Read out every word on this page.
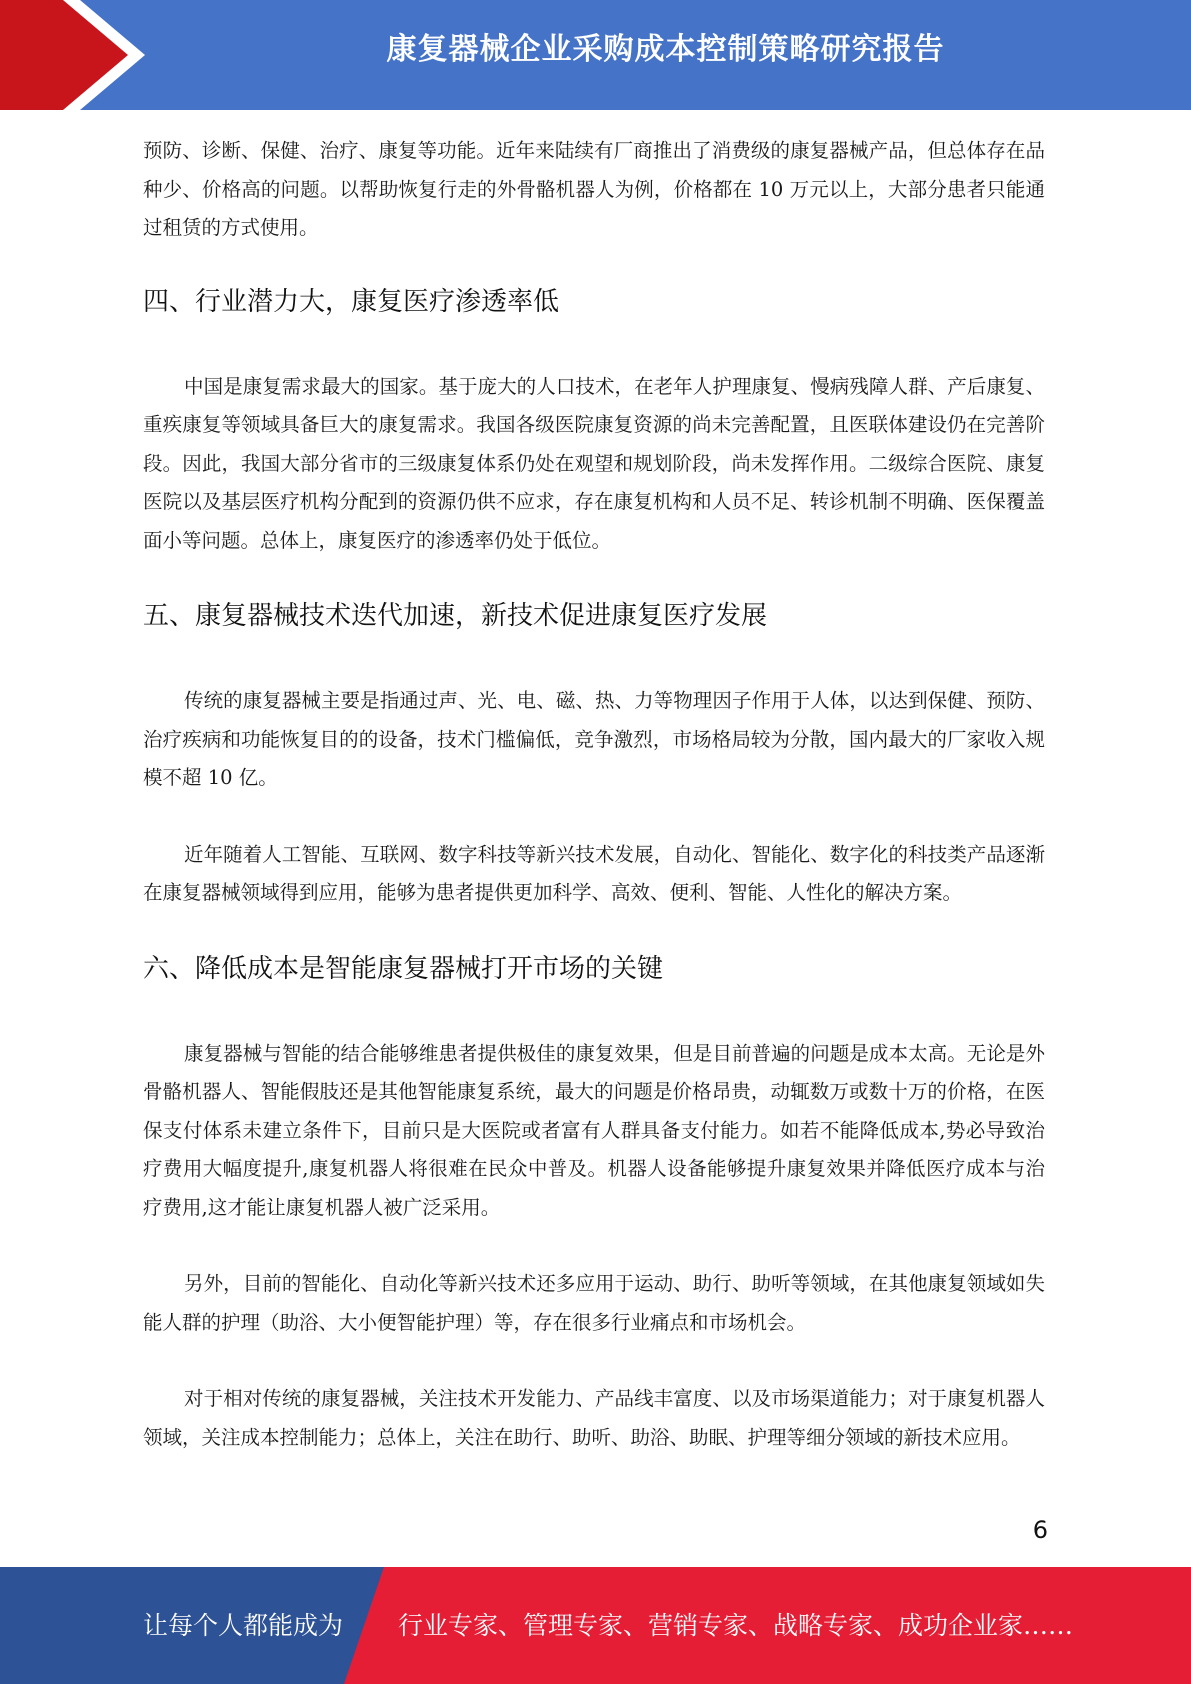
康复器械企业采购成本控制策略研究报告

预防、诊断、保健、治疗、康复等功能。近年来陆续有厂商推出了消费级的康复器械产品，但总体存在品种少、价格高的问题。以帮助恢复行走的外骨骼机器人为例，价格都在 10 万元以上，大部分患者只能通过租赁的方式使用。

四、行业潜力大，康复医疗渗透率低

中国是康复需求最大的国家。基于庞大的人口技术，在老年人护理康复、慢病残障人群、产后康复、重疾康复等领域具备巨大的康复需求。我国各级医院康复资源的尚未完善配置，且医联体建设仍在完善阶段。因此，我国大部分省市的三级康复体系仍处在观望和规划阶段，尚未发挥作用。二级综合医院、康复医院以及基层医疗机构分配到的资源仍供不应求，存在康复机构和人员不足、转诊机制不明确、医保覆盖面小等问题。总体上，康复医疗的渗透率仍处于低位。

五、康复器械技术迭代加速，新技术促进康复医疗发展

传统的康复器械主要是指通过声、光、电、磁、热、力等物理因子作用于人体，以达到保健、预防、治疗疾病和功能恢复目的的设备，技术门槛偏低，竞争激烈，市场格局较为分散，国内最大的厂家收入规模不超 10 亿。

近年随着人工智能、互联网、数字科技等新兴技术发展，自动化、智能化、数字化的科技类产品逐渐在康复器械领域得到应用，能够为患者提供更加科学、高效、便利、智能、人性化的解决方案。

六、降低成本是智能康复器械打开市场的关键

康复器械与智能的结合能够维患者提供极佳的康复效果，但是目前普遍的问题是成本太高。无论是外骨骼机器人、智能假肢还是其他智能康复系统，最大的问题是价格昂贵，动辄数万或数十万的价格，在医保支付体系未建立条件下，目前只是大医院或者富有人群具备支付能力。如若不能降低成本,势必导致治疗费用大幅度提升,康复机器人将很难在民众中普及。机器人设备能够提升康复效果并降低医疗成本与治疗费用,这才能让康复机器人被广泛采用。

另外，目前的智能化、自动化等新兴技术还多应用于运动、助行、助听等领域，在其他康复领域如失能人群的护理（助浴、大小便智能护理）等，存在很多行业痛点和市场机会。

对于相对传统的康复器械，关注技术开发能力、产品线丰富度、以及市场渠道能力；对于康复机器人领域，关注成本控制能力；总体上，关注在助行、助听、助浴、助眠、护理等细分领域的新技术应用。

6
让每个人都能成为 行业专家、管理专家、营销专家、战略专家、成功企业家……
